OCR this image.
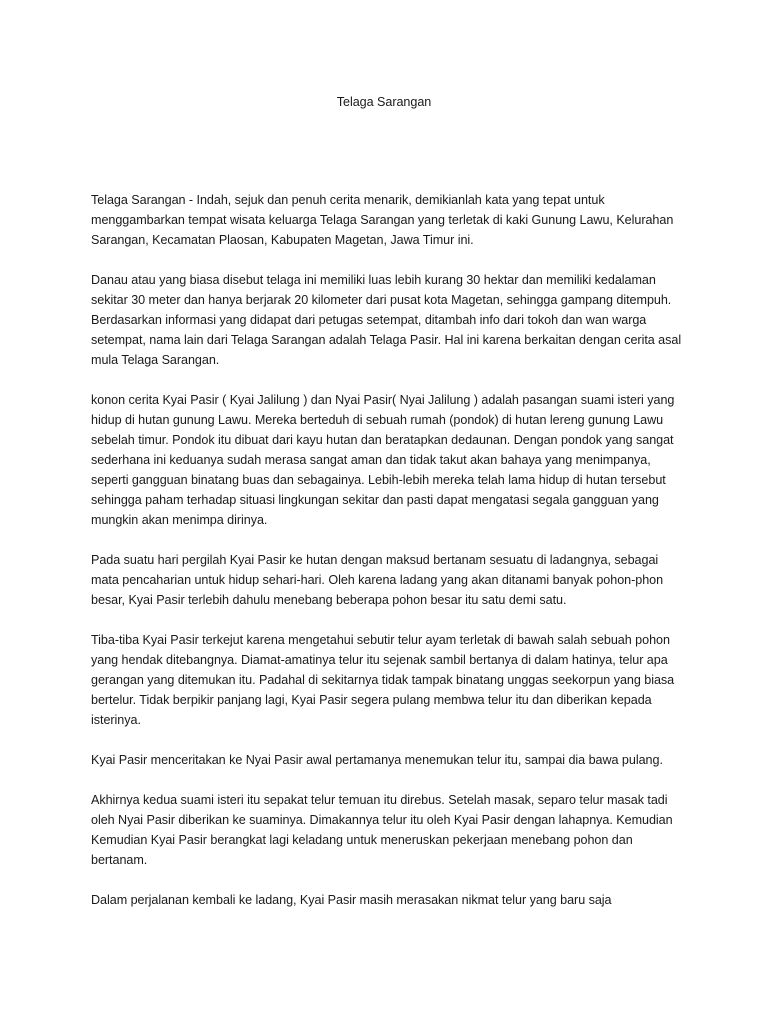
Telaga Sarangan

Telaga Sarangan - Indah, sejuk dan penuh cerita menarik, demikianlah kata yang tepat untuk menggambarkan tempat wisata keluarga Telaga Sarangan yang terletak di kaki Gunung Lawu, Kelurahan Sarangan, Kecamatan Plaosan, Kabupaten Magetan, Jawa Timur ini.

Danau atau yang biasa disebut telaga ini memiliki luas lebih kurang 30 hektar dan memiliki kedalaman sekitar 30 meter dan hanya berjarak 20 kilometer dari pusat kota Magetan, sehingga gampang ditempuh.

Berdasarkan informasi yang didapat dari petugas setempat, ditambah info dari tokoh dan wan warga setempat, nama lain dari Telaga Sarangan adalah Telaga Pasir. Hal ini karena berkaitan dengan cerita asal mula Telaga Sarangan.

konon cerita Kyai Pasir ( Kyai Jalilung ) dan Nyai Pasir( Nyai Jalilung ) adalah pasangan suami isteri yang hidup di hutan gunung Lawu. Mereka berteduh di sebuah rumah (pondok) di hutan lereng gunung Lawu sebelah timur. Pondok itu dibuat dari kayu hutan dan beratapkan dedaunan. Dengan pondok yang sangat sederhana ini keduanya sudah merasa sangat aman dan tidak takut akan bahaya yang menimpanya, seperti gangguan binatang buas dan sebagainya. Lebih-lebih mereka telah lama hidup di hutan tersebut sehingga paham terhadap situasi lingkungan sekitar dan pasti dapat mengatasi segala gangguan yang mungkin akan menimpa dirinya.

Pada suatu hari pergilah Kyai Pasir ke hutan dengan maksud bertanam sesuatu di ladangnya, sebagai mata pencaharian untuk hidup sehari-hari. Oleh karena ladang yang akan ditanami banyak pohon-phon besar, Kyai Pasir terlebih dahulu menebang beberapa pohon besar itu satu demi satu.

Tiba-tiba Kyai Pasir terkejut karena mengetahui sebutir telur ayam terletak di bawah salah sebuah pohon yang hendak ditebangnya. Diamat-amatinya telur itu sejenak sambil bertanya di dalam hatinya, telur apa gerangan yang ditemukan itu. Padahal di sekitarnya tidak tampak binatang unggas seekorpun yang biasa bertelur. Tidak berpikir panjang lagi, Kyai Pasir segera pulang membwa telur itu dan diberikan kepada isterinya.

Kyai Pasir menceritakan ke Nyai Pasir awal pertamanya menemukan telur itu, sampai dia bawa pulang.

Akhirnya kedua suami isteri itu sepakat telur temuan itu direbus. Setelah masak, separo telur masak tadi oleh Nyai Pasir diberikan ke suaminya. Dimakannya telur itu oleh Kyai Pasir dengan lahapnya. Kemudian Kemudian Kyai Pasir berangkat lagi keladang untuk meneruskan pekerjaan menebang pohon dan bertanam.

Dalam perjalanan kembali ke ladang, Kyai Pasir masih merasakan nikmat telur yang baru saja
